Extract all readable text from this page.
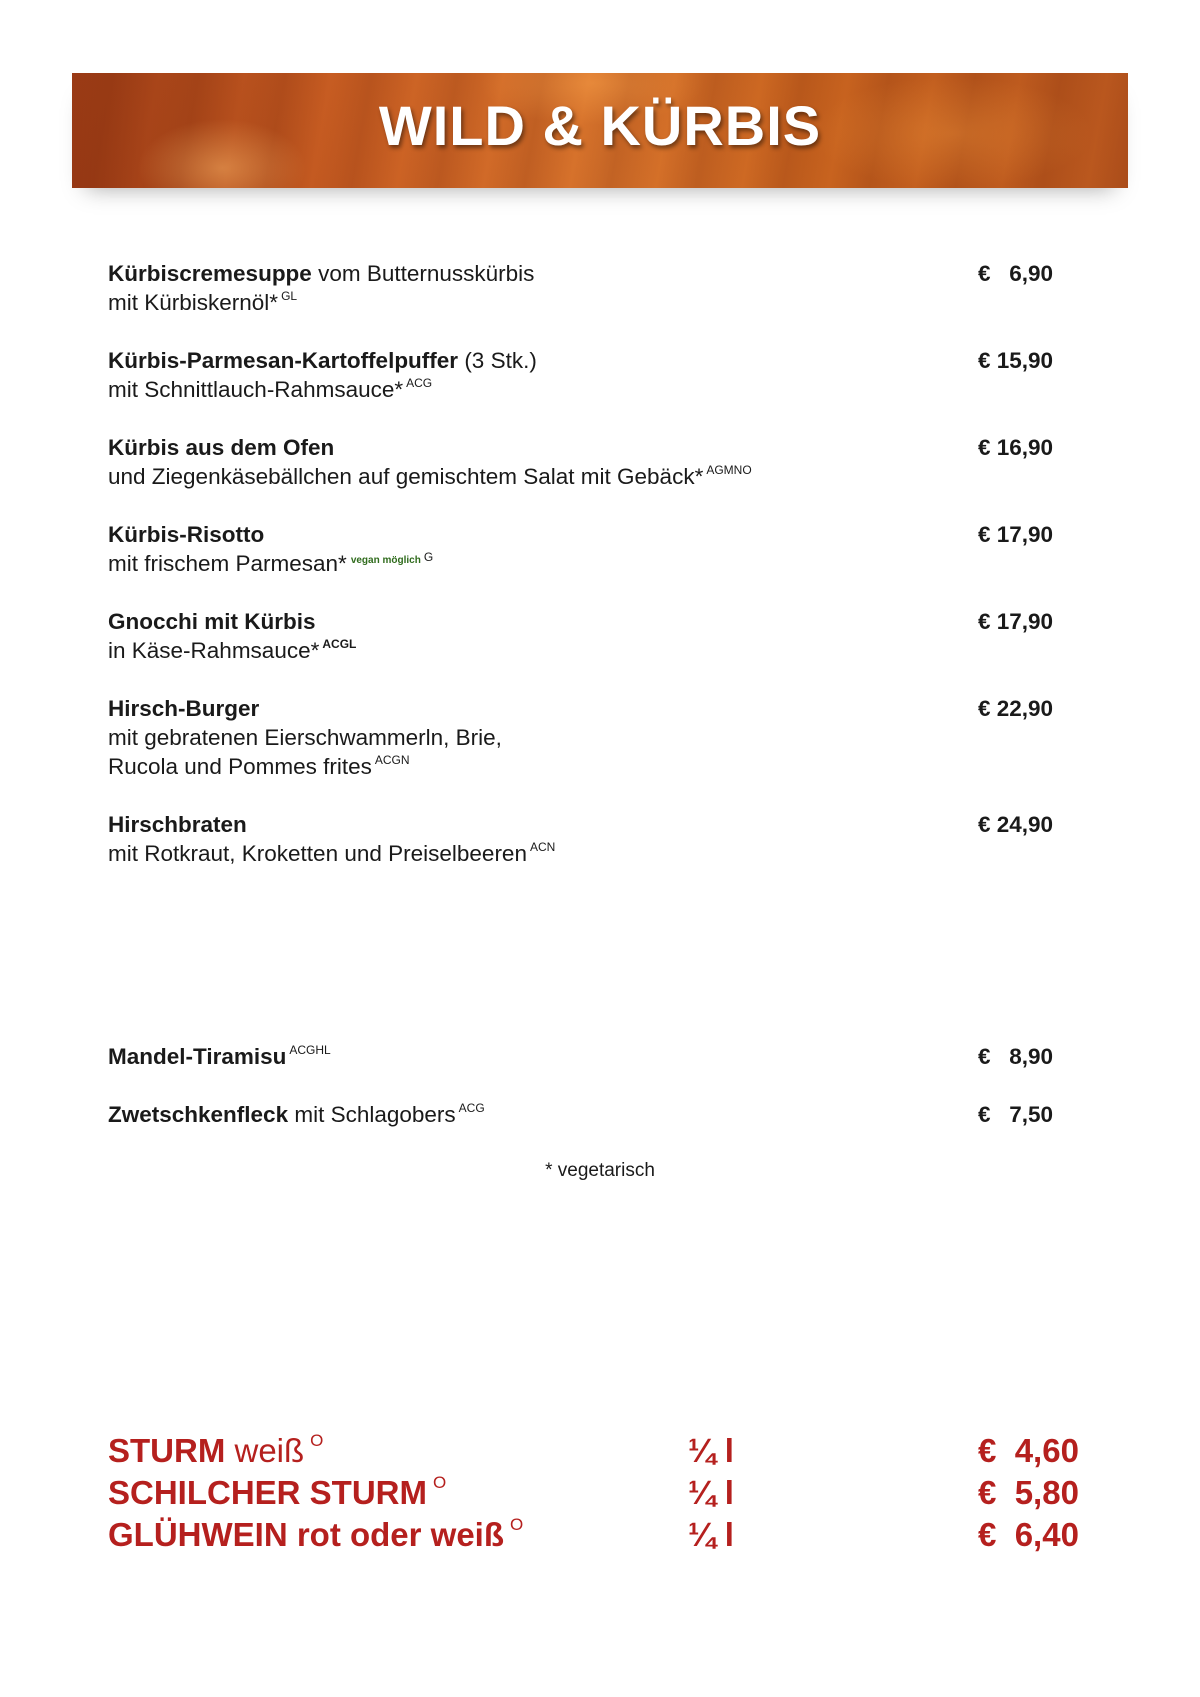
WILD & KÜRBIS
Kürbiscremesuppe vom Butternusskürbis
mit Kürbiskernöl* $^{GL}$
€   6,90
Kürbis-Parmesan-Kartoffelpuffer (3 Stk.)
mit Schnittlauch-Rahmsauce* $^{ACG}$
€ 15,90
Kürbis aus dem Ofen
und Ziegenkäsebällchen auf gemischtem Salat mit Gebäck* $^{AGMNO}$
€ 16,90
Kürbis-Risotto
mit frischem Parmesan* $^{vegan möglich}$ $^G$
€ 17,90
Gnocchi mit Kürbis
in Käse-Rahmsauce* $^{ACGL}$
€ 17,90
Hirsch-Burger
mit gebratenen Eierschwammerln, Brie,
Rucola und Pommes frites $^{ACGN}$
€ 22,90
Hirschbraten
mit Rotkraut, Kroketten und Preiselbeeren $^{ACN}$
€ 24,90
Mandel-Tiramisu $^{ACGHL}$	€   8,90
Zwetschkenfleck mit Schlagobers $^{ACG}$	€   7,50
* vegetarisch
STURM weiß $^O$	¼ l	€  4,60
SCHILCHER STURM $^O$	¼ l	€  5,80
GLÜHWEIN rot oder weiß $^O$	¼ l	€  6,40
